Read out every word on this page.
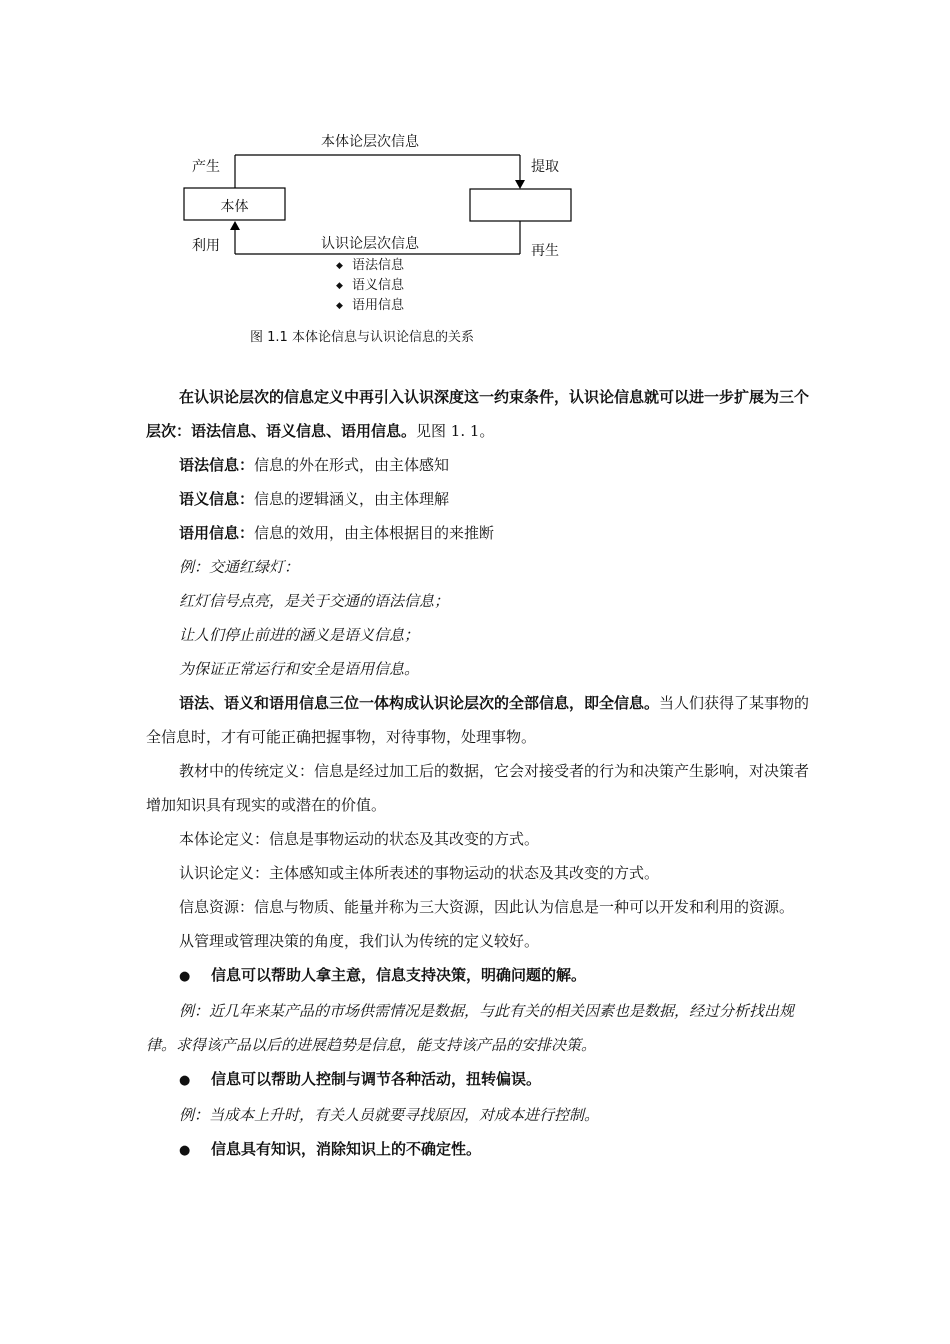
本体论层次信息
产生	提取
本体
利用	认识论层次信息	再生
◆ 语法信息
◆ 语义信息
◆ 语用信息
图 1.1 本体论信息与认识论信息的关系

在认识论层次的信息定义中再引入认识深度这一约束条件，认识论信息就可以进一步扩展为三个层次：语法信息、语义信息、语用信息。见图 1. 1。

语法信息：信息的外在形式，由主体感知

语义信息：信息的逻辑涵义，由主体理解

语用信息：信息的效用，由主体根据目的来推断

例：交通红绿灯：

红灯信号点亮，是关于交通的语法信息；

让人们停止前进的涵义是语义信息；

为保证正常运行和安全是语用信息。

语法、语义和语用信息三位一体构成认识论层次的全部信息，即全信息。当人们获得了某事物的全信息时，才有可能正确把握事物，对待事物，处理事物。

教材中的传统定义：信息是经过加工后的数据，它会对接受者的行为和决策产生影响，对决策者增加知识具有现实的或潜在的价值。

本体论定义：信息是事物运动的状态及其改变的方式。

认识论定义：主体感知或主体所表述的事物运动的状态及其改变的方式。

信息资源：信息与物质、能量并称为三大资源，因此认为信息是一种可以开发和利用的资源。

从管理或管理决策的角度，我们认为传统的定义较好。

● 信息可以帮助人拿主意，信息支持决策，明确问题的解。

例：近几年来某产品的市场供需情况是数据，与此有关的相关因素也是数据，经过分析找出规律。求得该产品以后的进展趋势是信息，能支持该产品的安排决策。

● 信息可以帮助人控制与调节各种活动，扭转偏误。

例：当成本上升时，有关人员就要寻找原因，对成本进行控制。

● 信息具有知识，消除知识上的不确定性。
